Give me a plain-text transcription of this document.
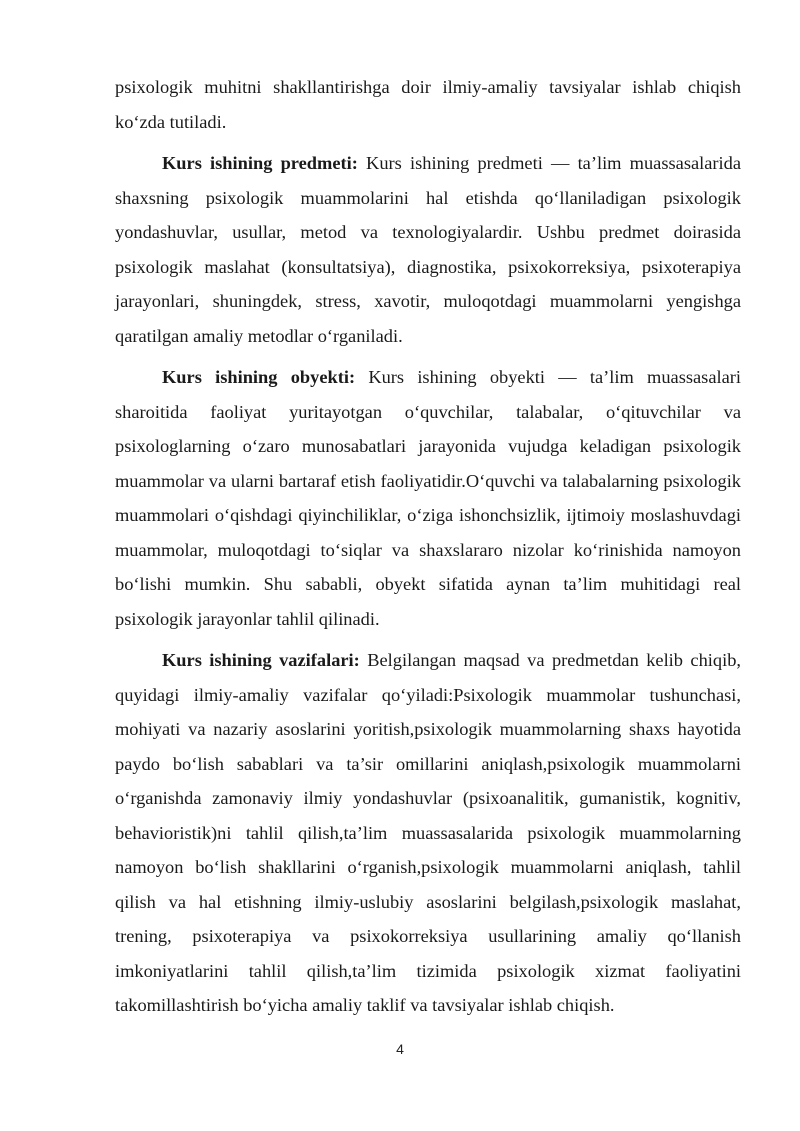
psixologik muhitni shakllantirishga doir ilmiy-amaliy tavsiyalar ishlab chiqish ko‘zda tutiladi.

Kurs ishining predmeti: Kurs ishining predmeti — ta’lim muassasalarida shaxsning psixologik muammolarini hal etishda qo‘llaniladigan psixologik yondashuvlar, usullar, metod va texnologiyalardir. Ushbu predmet doirasida psixologik maslahat (konsultatsiya), diagnostika, psixokorreksiya, psixoterapiya jarayonlari, shuningdek, stress, xavotir, muloqotdagi muammolarni yengishga qaratilgan amaliy metodlar o‘rganiladi.

Kurs ishining obyekti: Kurs ishining obyekti — ta’lim muassasalari sharoitida faoliyat yuritayotgan o‘quvchilar, talabalar, o‘qituvchilar va psixologlarning o‘zaro munosabatlari jarayonida vujudga keladigan psixologik muammolar va ularni bartaraf etish faoliyatidir.O‘quvchi va talabalarning psixologik muammolari o‘qishdagi qiyinchiliklar, o‘ziga ishonchsizlik, ijtimoiy moslashuvdagi muammolar, muloqotdagi to‘siqlar va shaxslararo nizolar ko‘rinishida namoyon bo‘lishi mumkin. Shu sababli, obyekt sifatida aynan ta’lim muhitidagi real psixologik jarayonlar tahlil qilinadi.

Kurs ishining vazifalari: Belgilangan maqsad va predmetdan kelib chiqib, quyidagi ilmiy-amaliy vazifalar qo‘yiladi:Psixologik muammolar tushunchasi, mohiyati va nazariy asoslarini yoritish,psixologik muammolarning shaxs hayotida paydo bo‘lish sabablari va ta’sir omillarini aniqlash,psixologik muammolarni o‘rganishda zamonaviy ilmiy yondashuvlar (psixoanalitik, gumanistik, kognitiv, behavioristik)ni tahlil qilish,ta’lim muassasalarida psixologik muammolarning namoyon bo‘lish shakllarini o‘rganish,psixologik muammolarni aniqlash, tahlil qilish va hal etishning ilmiy-uslubiy asoslarini belgilash,psixologik maslahat, trening, psixoterapiya va psixokorreksiya usullarining amaliy qo‘llanish imkoniyatlarini tahlil qilish,ta’lim tizimida psixologik xizmat faoliyatini takomillashtirish bo‘yicha amaliy taklif va tavsiyalar ishlab chiqish.

4
